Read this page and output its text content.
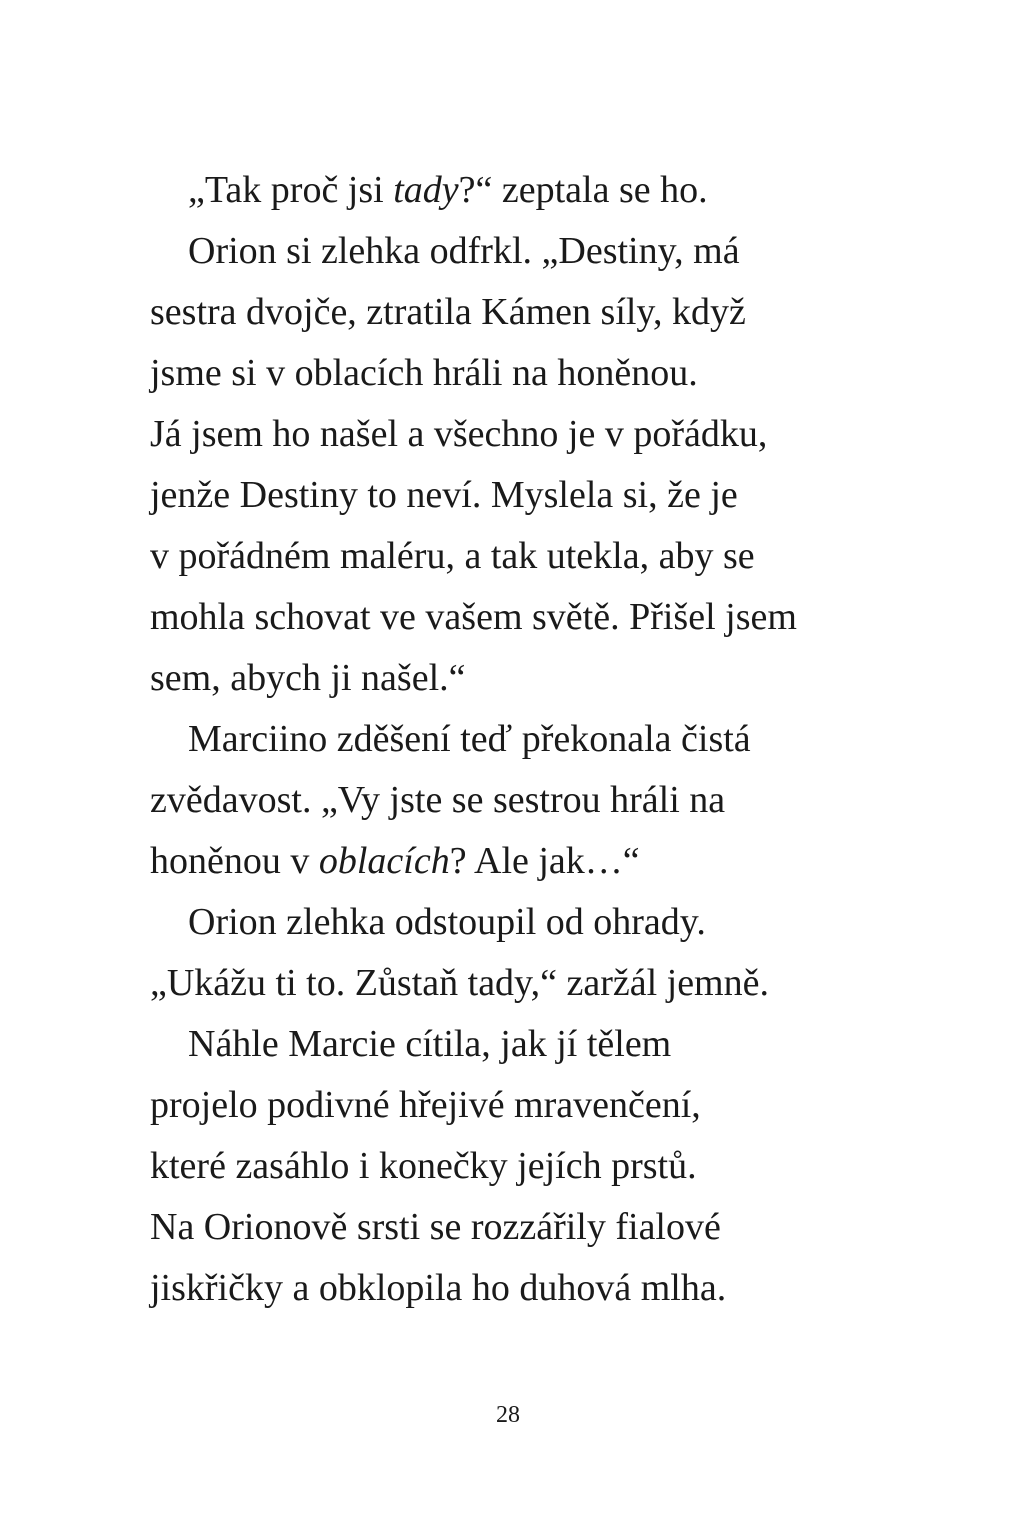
„Tak proč jsi tady?“ zeptala se ho.
Orion si zlehka odfrkl. „Destiny, má
sestra dvojče, ztratila Kámen síly, když
jsme si v oblacích hráli na honěnou.
Já jsem ho našel a všechno je v pořádku,
jenže Destiny to neví. Myslela si, že je
v pořádném maléru, a tak utekla, aby se
mohla schovat ve vašem světě. Přišel jsem
sem, abych ji našel.“
Marciino zděšení teď překonala čistá
zvědavost. „Vy jste se sestrou hráli na
honěnou v oblacích? Ale jak…“
Orion zlehka odstoupil od ohrady.
„Ukážu ti to. Zůstaň tady,“ zaržál jemně.
Náhle Marcie cítila, jak jí tělem
projelo podivné hřejivé mravenčení,
které zasáhlo i konečky jejích prstů.
Na Orionově srsti se rozzářily fialové
jiskřičky a obklopila ho duhová mlha.
28
